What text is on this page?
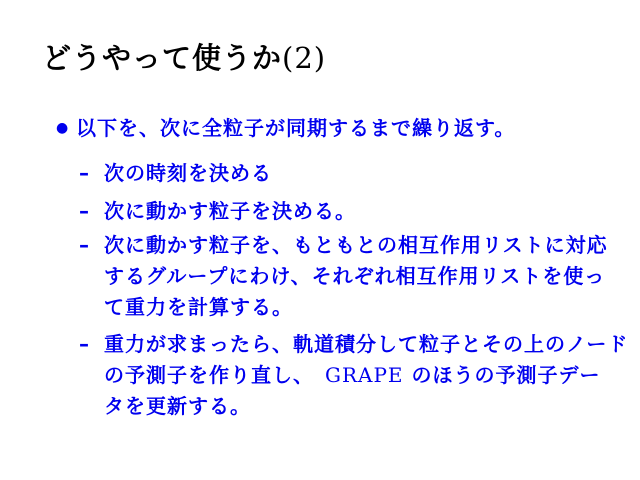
どうやって使うか(2)
● 以下を、次に全粒子が同期するまで繰り返す。
– 次の時刻を決める
– 次に動かす粒子を決める。
– 次に動かす粒子を、もともとの相互作用リストに対応
するグループにわけ、それぞれ相互作用リストを使っ
て重力を計算する。
– 重力が求まったら、軌道積分して粒子とその上のノード
の予測子を作り直し、　GRAPE のほうの予測子デー
タを更新する。
